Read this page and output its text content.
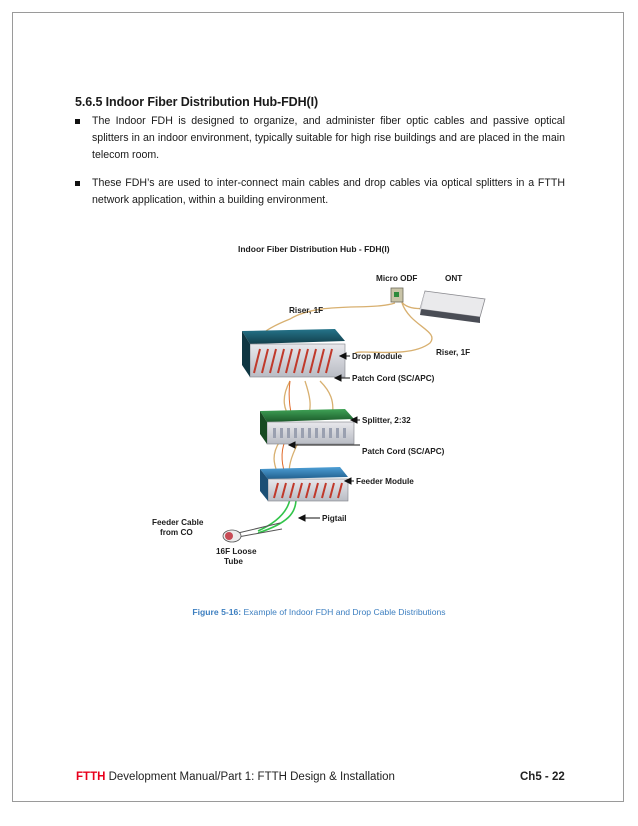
5.6.5 Indoor Fiber Distribution Hub-FDH(I)
The Indoor FDH is designed to organize, and administer fiber optic cables and passive optical splitters in an indoor environment, typically suitable for high rise buildings and are placed in the main telecom room.
These FDH’s are used to inter-connect main cables and drop cables via optical splitters in a FTTH network application, within a building environment.
Indoor Fiber Distribution Hub - FDH(I)
Micro ODF	ONT
Riser, 1F
Riser, 1F
Drop Module
Patch Cord (SC/APC)
Splitter, 2:32
Patch Cord (SC/APC)
Feeder Module
Pigtail
Feeder Cable
from CO
16F Loose
Tube
Figure 5-16: Example of Indoor FDH and Drop Cable Distributions
FTTH Development Manual/Part 1: FTTH Design & Installation	Ch5 - 22
